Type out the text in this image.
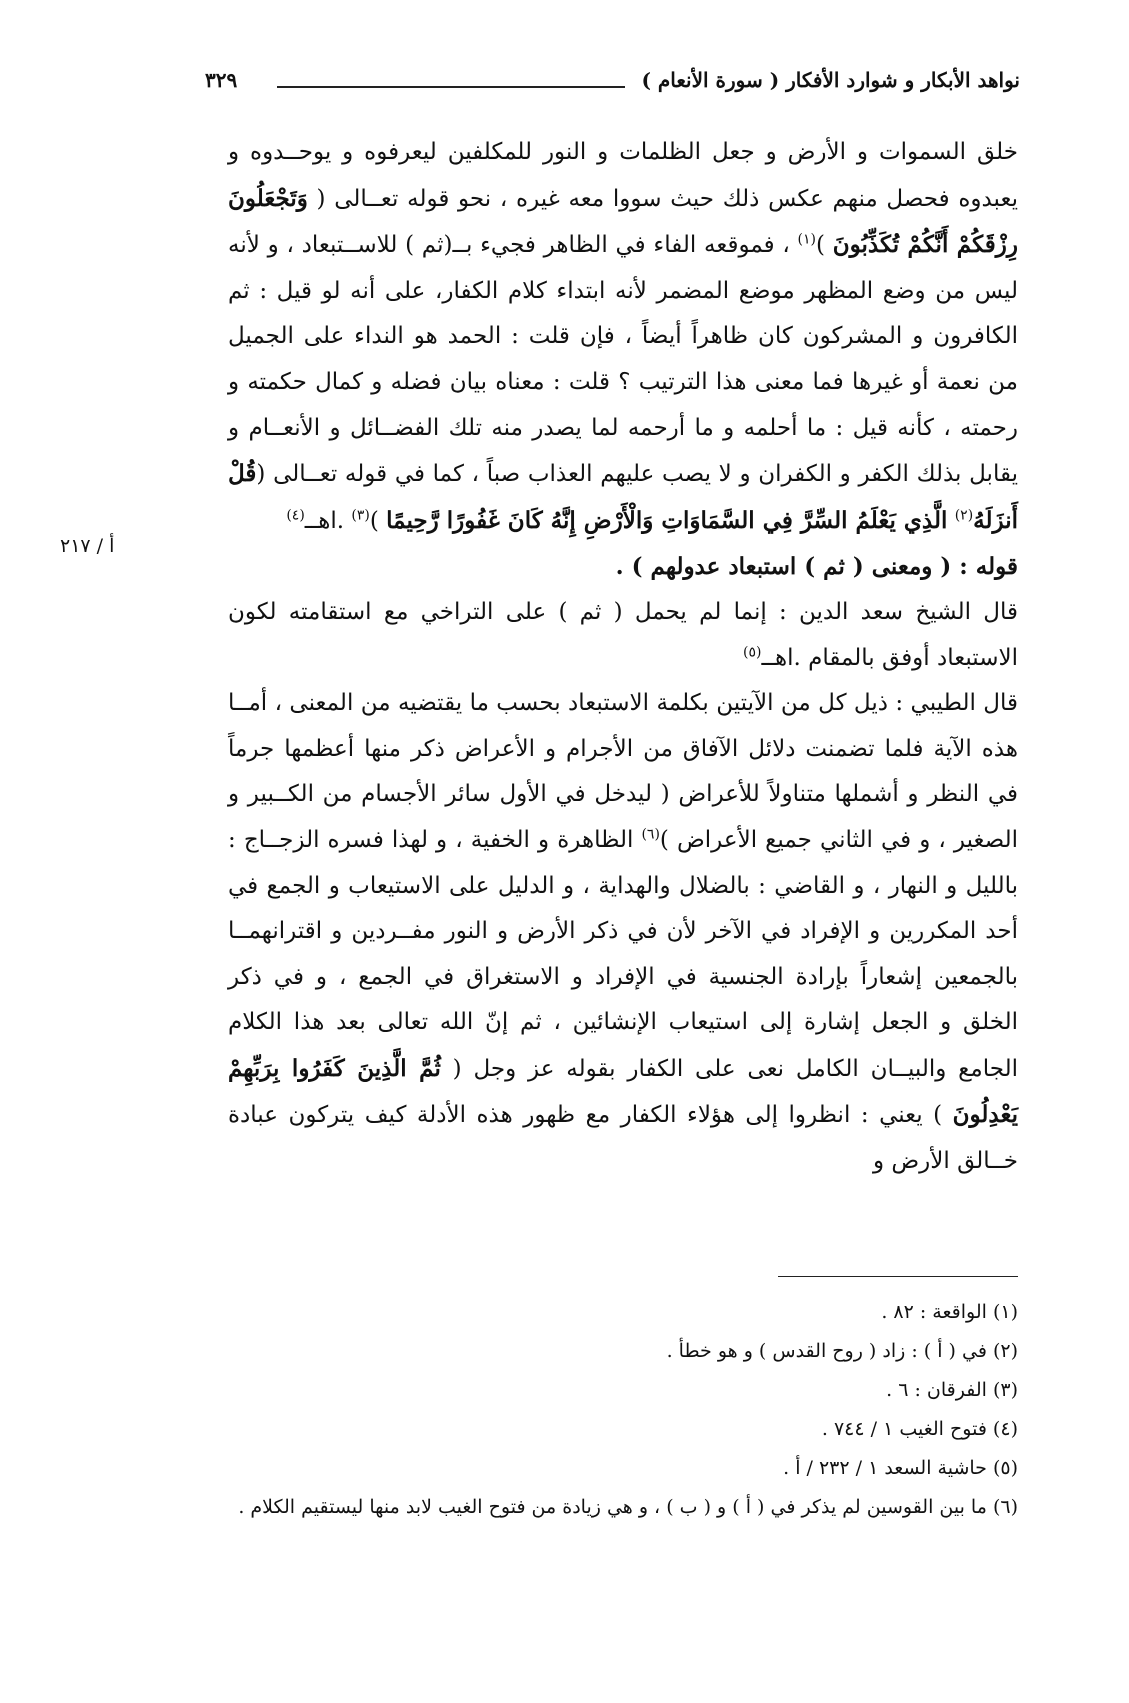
نواهد الأبكار و شوارد الأفكار ( سورة الأنعام )
٣٢٩
أ / ٢١٧

خلق السموات و الأرض و جعل الظلمات و النور للمكلفين ليعرفوه و يوحــدوه و يعبدوه فحصل منهم عكس ذلك حيث سووا معه غيره ، نحو قوله تعــالى ( وَتَجْعَلُونَ رِزْقَكُمْ أَنَّكُمْ تُكَذِّبُونَ )$^{(١)}$ ، فموقعه الفاء في الظاهر فجيء بــ(ثم ) للاســتبعاد ، و لأنه ليس من وضع المظهر موضع المضمر لأنه ابتداء كلام الكفار، على أنه لو قيل : ثم الكافرون و المشركون كان ظاهراً أيضاً ، فإن قلت : الحمد هو النداء على الجميل من نعمة أو غيرها فما معنى هذا الترتيب ؟ قلت : معناه بيان فضله و كمال حكمته و رحمته ، كأنه قيل : ما أحلمه و ما أرحمه لما يصدر منه تلك الفضــائل و الأنعــام و يقابل بذلك الكفر و الكفران و لا يصب عليهم العذاب صباً ، كما في قوله تعــالى (قُلْ أَنزَلَهُ$^{(٢)}$ الَّذِي يَعْلَمُ السِّرَّ فِي السَّمَاوَاتِ وَالْأَرْضِ إِنَّهُ كَانَ غَفُورًا رَّحِيمًا )$^{(٣)}$ .اهــ$^{(٤)}$

قوله : ( ومعنى ( ثم ) استبعاد عدولهم ) .

قال الشيخ سعد الدين : إنما لم يحمل ( ثم ) على التراخي مع استقامته لكون الاستبعاد أوفق بالمقام .اهــ$^{(٥)}$

قال الطيبي : ذيل كل من الآيتين بكلمة الاستبعاد بحسب ما يقتضيه من المعنى ، أمــا هذه الآية فلما تضمنت دلائل الآفاق من الأجرام و الأعراض ذكر منها أعظمها جرماً في النظر و أشملها متناولاً للأعراض ( ليدخل في الأول سائر الأجسام من الكــبير و الصغير ، و في الثاني جميع الأعراض )$^{(٦)}$ الظاهرة و الخفية ، و لهذا فسره الزجــاج : بالليل و النهار ، و القاضي : بالضلال والهداية ، و الدليل على الاستيعاب و الجمع في أحد المكررين و الإفراد في الآخر لأن في ذكر الأرض و النور مفــردين و اقترانهمــا بالجمعين إشعاراً بإرادة الجنسية في الإفراد و الاستغراق في الجمع ، و في ذكر الخلق و الجعل إشارة إلى استيعاب الإنشائين ، ثم إنّ الله تعالى بعد هذا الكلام الجامع والبيــان الكامل نعى على الكفار بقوله عز وجل ( ثُمَّ الَّذِينَ كَفَرُوا بِرَبِّهِمْ يَعْدِلُونَ ) يعني : انظروا إلى هؤلاء الكفار مع ظهور هذه الأدلة كيف يتركون عبادة خــالق الأرض و

(١) الواقعة : ٨٢ .
(٢) في ( أ ) : زاد ( روح القدس ) و هو خطأ .
(٣) الفرقان : ٦ .
(٤) فتوح الغيب ١ / ٧٤٤ .
(٥) حاشية السعد ١ / ٢٣٢ / أ .
(٦) ما بين القوسين لم يذكر في ( أ ) و ( ب ) ، و هي زيادة من فتوح الغيب لابد منها ليستقيم الكلام .
